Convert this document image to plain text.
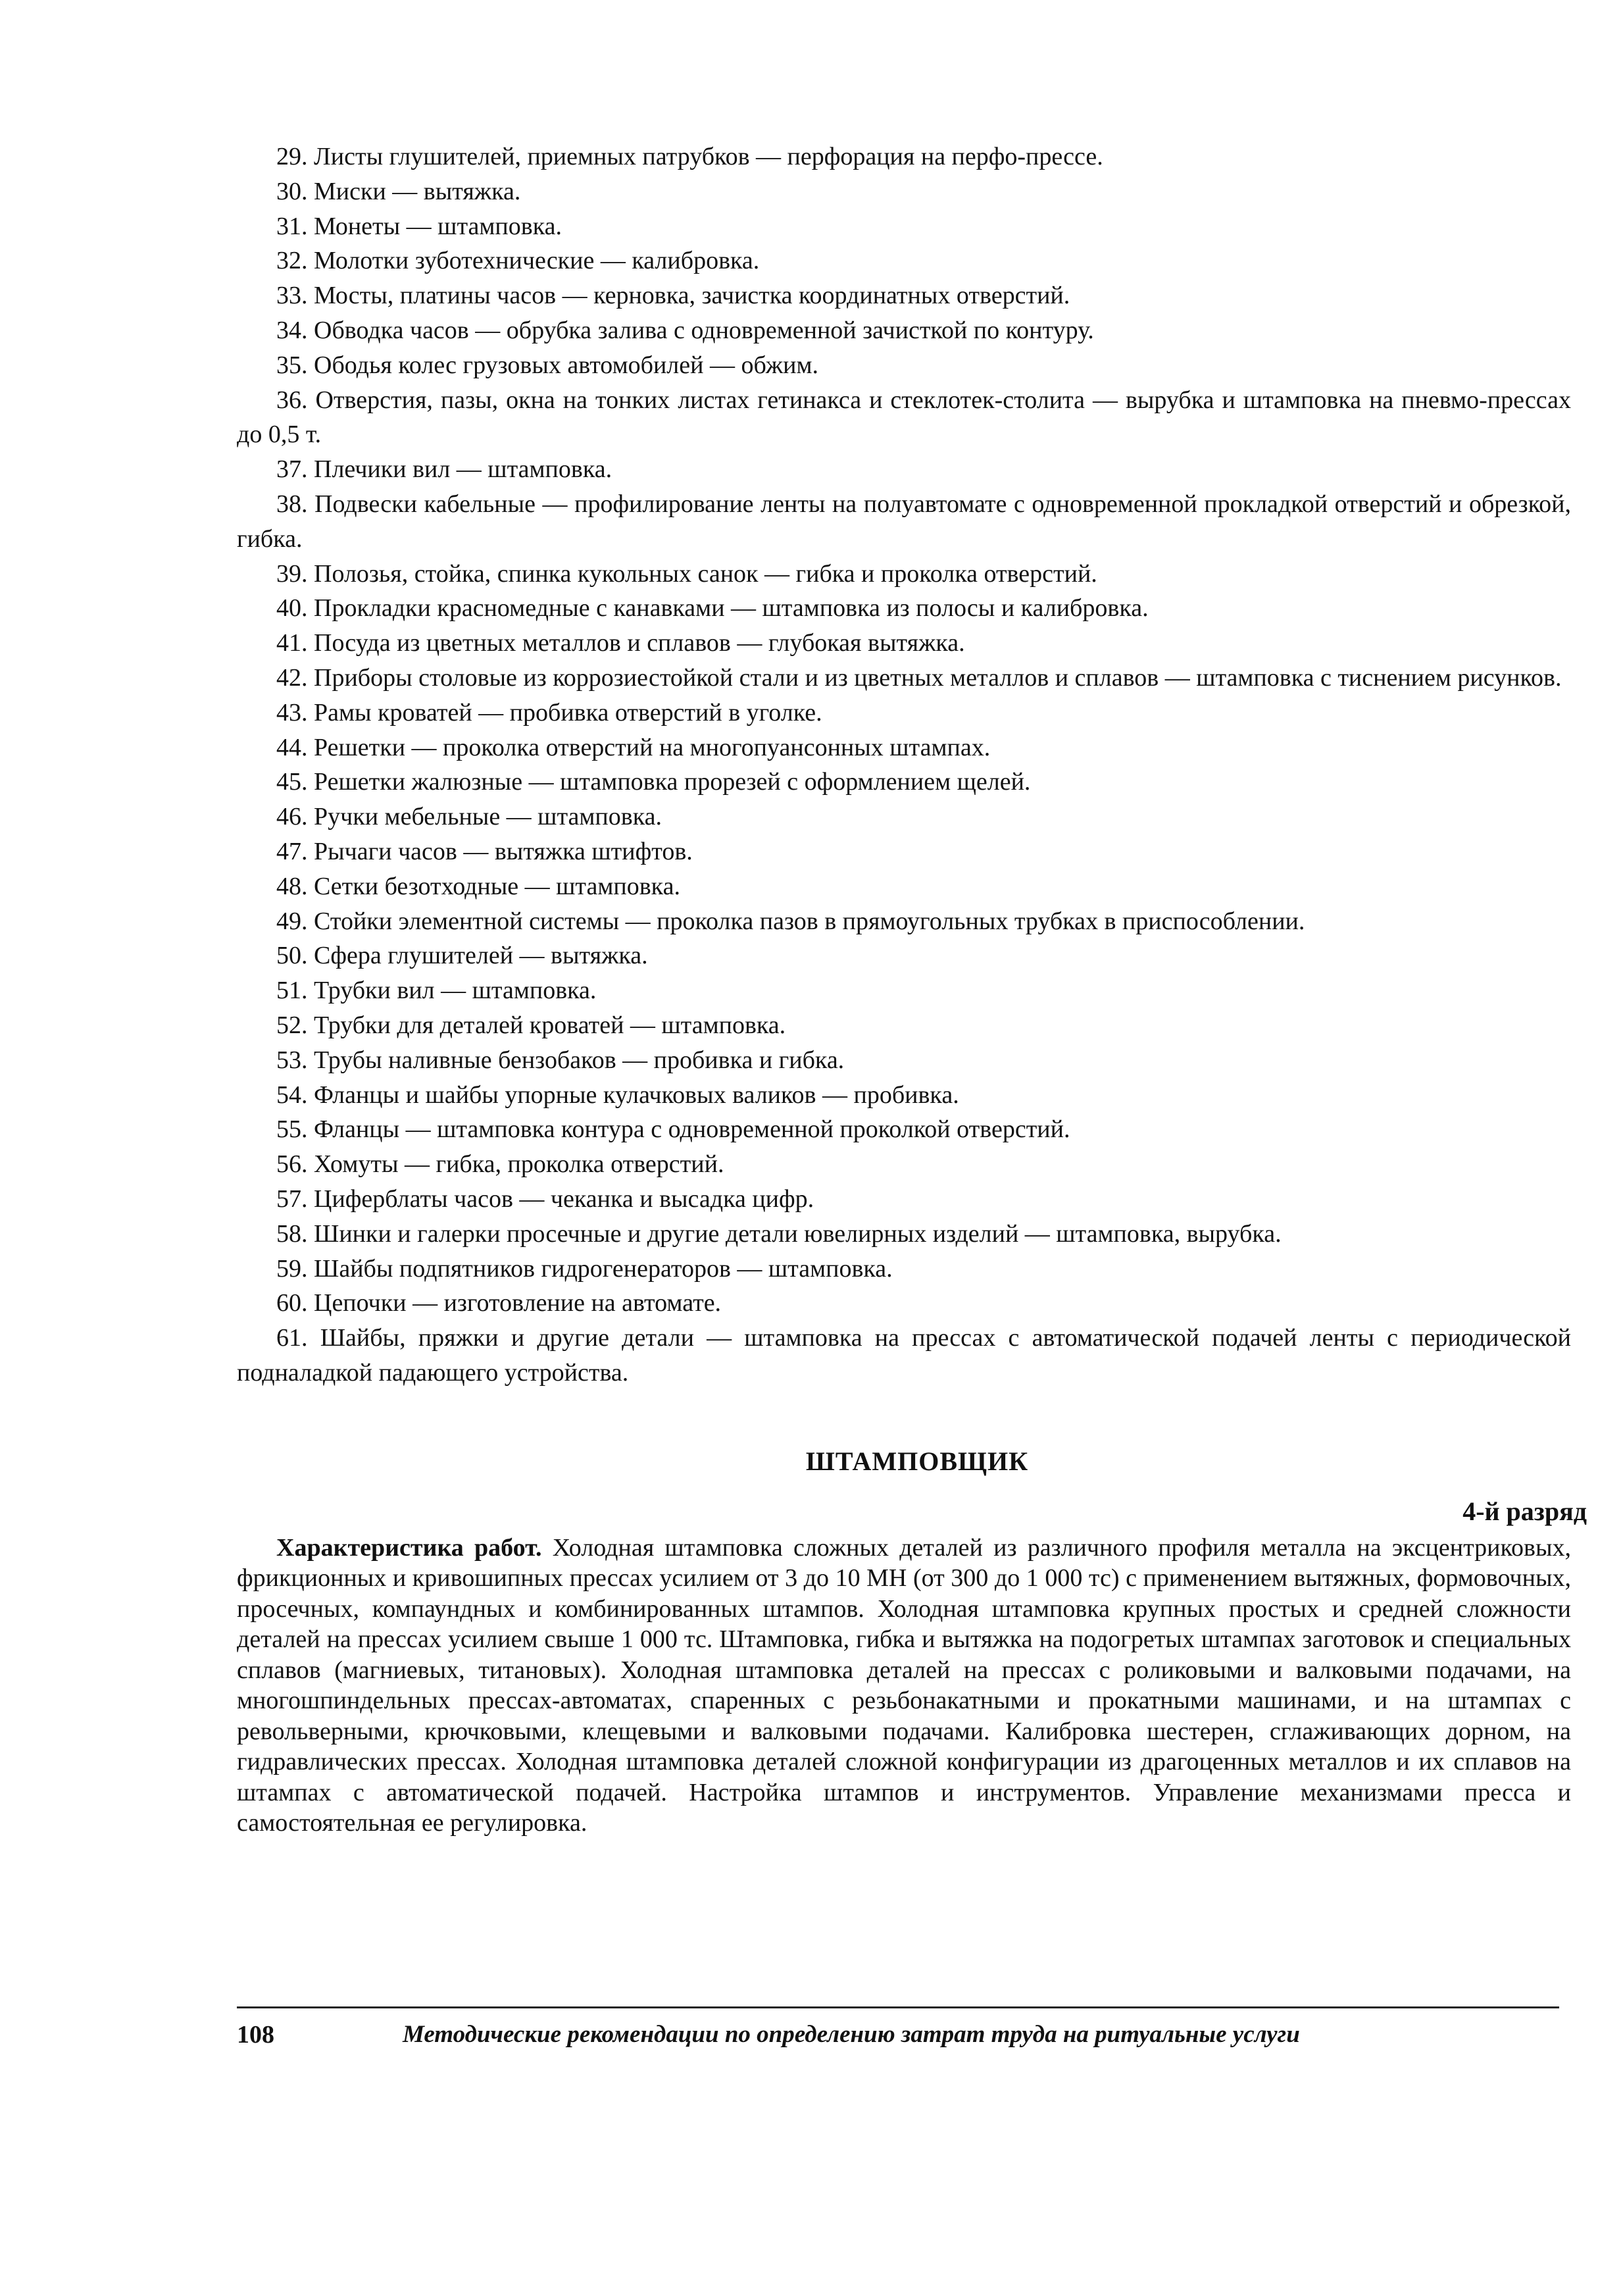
29. Листы глушителей, приемных патрубков — перфорация на перфо-прессе.

30. Миски — вытяжка.

31. Монеты — штамповка.

32. Молотки зуботехнические — калибровка.

33. Мосты, платины часов — керновка, зачистка координатных отверстий.

34. Обводка часов — обрубка залива с одновременной зачисткой по контуру.

35. Ободья колес грузовых автомобилей — обжим.

36. Отверстия, пазы, окна на тонких листах гетинакса и стеклотек-столита — вырубка и штамповка на пневмо-прессах до 0,5 т.

37. Плечики вил — штамповка.

38. Подвески кабельные — профилирование ленты на полуавтомате с одновременной прокладкой отверстий и обрезкой, гибка.

39. Полозья, стойка, спинка кукольных санок — гибка и проколка отверстий.

40. Прокладки красномедные с канавками — штамповка из полосы и калибровка.

41. Посуда из цветных металлов и сплавов — глубокая вытяжка.

42. Приборы столовые из коррозиестойкой стали и из цветных металлов и сплавов — штамповка с тиснением рисунков.

43. Рамы кроватей — пробивка отверстий в уголке.

44. Решетки — проколка отверстий на многопуансонных штампах.

45. Решетки жалюзные — штамповка прорезей с оформлением щелей.

46. Ручки мебельные — штамповка.

47. Рычаги часов — вытяжка штифтов.

48. Сетки безотходные — штамповка.

49. Стойки элементной системы — проколка пазов в прямоугольных трубках в приспособлении.

50. Сфера глушителей — вытяжка.

51. Трубки вил — штамповка.

52. Трубки для деталей кроватей — штамповка.

53. Трубы наливные бензобаков — пробивка и гибка.

54. Фланцы и шайбы упорные кулачковых валиков — пробивка.

55. Фланцы — штамповка контура с одновременной проколкой отверстий.

56. Хомуты — гибка, проколка отверстий.

57. Циферблаты часов — чеканка и высадка цифр.

58. Шинки и галерки просечные и другие детали ювелирных изделий — штамповка, вырубка.

59. Шайбы подпятников гидрогенераторов — штамповка.

60. Цепочки — изготовление на автомате.

61. Шайбы, пряжки и другие детали — штамповка на прессах с автоматической подачей ленты с периодической подналадкой падающего устройства.

ШТАМПОВЩИК
4-й разряд

Характеристика работ. Холодная штамповка сложных деталей из различного профиля металла на эксцентриковых, фрикционных и кривошипных прессах усилием от 3 до 10 МН (от 300 до 1 000 тс) с применением вытяжных, формовочных, просечных, компаундных и комбинированных штампов. Холодная штамповка крупных простых и средней сложности деталей на прессах усилием свыше 1 000 тс. Штамповка, гибка и вытяжка на подогретых штампах заготовок и специальных сплавов (магниевых, титановых). Холодная штамповка деталей на прессах с роликовыми и валковыми подачами, на многошпиндельных прессах-автоматах, спаренных с резьбонакатными и прокатными машинами, и на штампах с револьверными, крючковыми, клещевыми и валковыми подачами. Калибровка шестерен, сглаживающих дорном, на гидравлических прессах. Холодная штамповка деталей сложной конфигурации из драгоценных металлов и их сплавов на штампах с автоматической подачей. Настройка штампов и инструментов. Управление механизмами пресса и самостоятельная ее регулировка.

108	Методические рекомендации по определению затрат труда на ритуальные услуги
